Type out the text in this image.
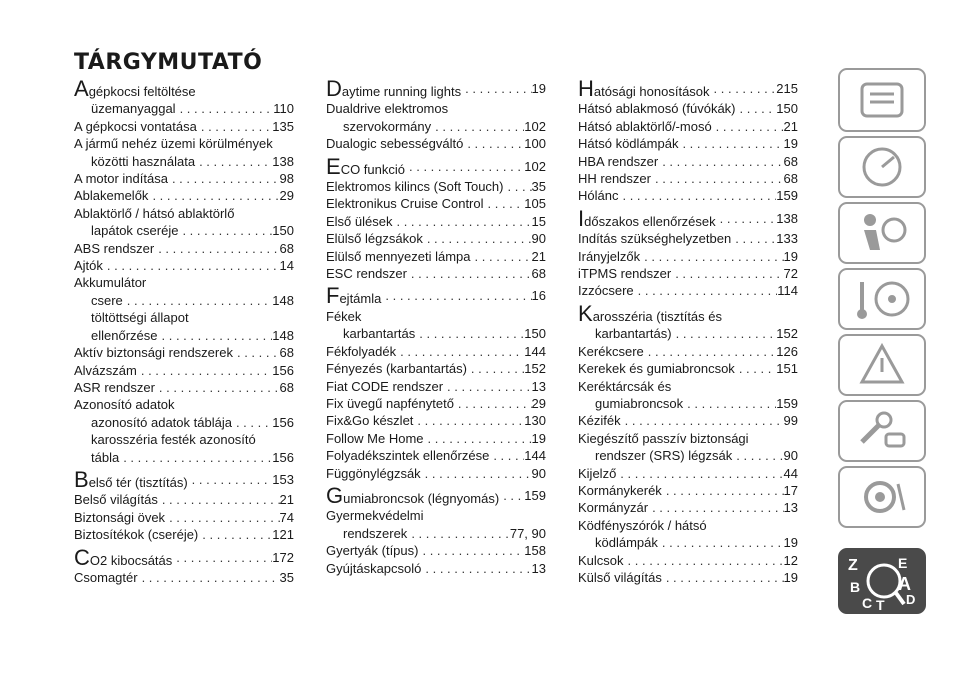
TÁRGYMUTATÓ
Agépkocsi feltöltése
üzemanyaggal . . .	110
A gépkocsi vontatása . . .	135
A jármű nehéz üzemi körülmények
közötti használata . . .	138
A motor indítása . . .	98
Ablakemelők . . .	29
Ablaktörlő / hátsó ablaktörlő
lapátok cseréje . . .	150
ABS rendszer . . .	68
Ajtók . . .	14
Akkumulátor
csere . . .	148
töltöttségi állapot
ellenőrzése . . .	148
Aktív biztonsági rendszerek . . .	68
Alvázszám . . .	156
ASR rendszer . . .	68
Azonosító adatok
azonosító adatok táblája . . .	156
karosszéria festék azonosító
tábla . . .	156
Belső tér (tisztítás) . . .	153
Belső világítás . . .	21
Biztonsági övek . . .	74
Biztosítékok (cseréje) . . .	121
CO2 kibocsátás . . .	172
Csomagtér . . .	35
Daytime running lights . . .	19
Dualdrive elektromos
szervokormány . . .	102
Dualogic sebességváltó . . .	100
ECO funkció . . .	102
Elektromos kilincs (Soft Touch) . . . 35
Elektronikus Cruise Control . . .	105
Első ülések . . .	15
Elülső légzsákok . . .	90
Elülső mennyezeti lámpa . . .	21
ESC rendszer . . .	68
Fejtámla . . .	16
Fékek
karbantartás . . .	150
Fékfolyadék . . .	144
Fényezés (karbantartás) . . .	152
Fiat CODE rendszer . . .	13
Fix üvegű napfénytető . . .	29
Fix&Go készlet . . .	130
Follow Me Home . . .	19
Folyadékszintek ellenőrzése . . .	144
Függönylégzsák . . .	90
Gumiabroncsok (légnyomás) . . . 159
Gyermekvédelmi
rendszerek . . .	77, 90
Gyertyák (típus) . . .	158
Gyújtáskapcsoló . . .	13
Hatósági honosítások . . .	215
Hátsó ablakmosó (fúvókák) . . .	150
Hátsó ablaktörlő/-mosó . . .	21
Hátsó ködlámpák . . .	19
HBA rendszer . . .	68
HH rendszer . . .	68
Hólánc . . .	159
Időszakos ellenőrzések . . .	138
Indítás szükséghelyzetben . . .	133
Irányjelzők . . .	19
iTPMS rendszer . . .	72
Izzócsere . . .	114
Karosszéria (tisztítás és
karbantartás) . . .	152
Kerékcsere . . .	126
Kerekek és gumiabroncsok . . .	151
Keréktárcsák és
gumiabroncsok . . .	159
Kézifék . . .	99
Kiegészítő passzív biztonsági
rendszer (SRS) légzsák . . .	90
Kijelző . . .	44
Kormánykerék . . .	17
Kormányzár . . .	13
Ködfényszórók / hátsó
ködlámpák . . .	19
Kulcsok . . .	12
Külső világítás . . .	19
Z	E
B A
C	D
T
